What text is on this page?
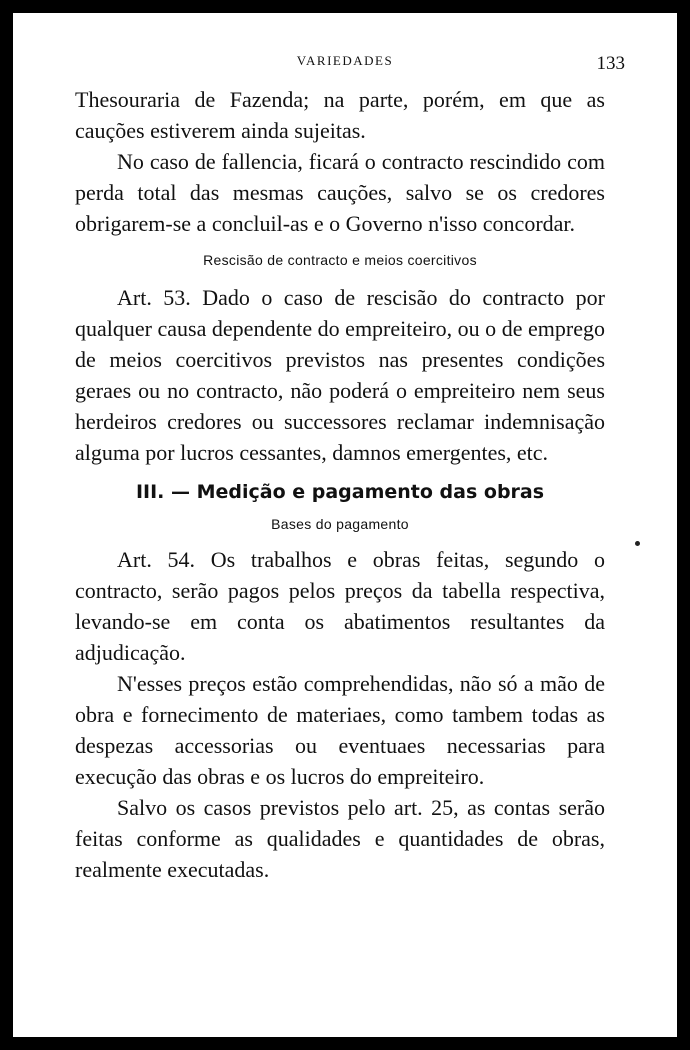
VARIEDADES	133

Thesouraria de Fazenda; na parte, porém, em que as cauções estiverem ainda sujeitas.

No caso de fallencia, ficará o contracto rescindido com perda total das mesmas cauções, salvo se os credores obrigarem-se a concluil-as e o Governo n'isso concordar.

Rescisão de contracto e meios coercitivos

Art. 53. Dado o caso de rescisão do contracto por qualquer causa dependente do empreiteiro, ou o de emprego de meios coercitivos previstos nas presentes condições geraes ou no contracto, não poderá o empreiteiro nem seus herdeiros credores ou successores reclamar indemnisação alguma por lucros cessantes, damnos emergentes, etc.

III. — Medição e pagamento das obras
Bases do pagamento

Art. 54. Os trabalhos e obras feitas, segundo o contracto, serão pagos pelos preços da tabella respectiva, levando-se em conta os abatimentos resultantes da adjudicação.

N'esses preços estão comprehendidas, não só a mão de obra e fornecimento de materiaes, como tambem todas as despezas accessorias ou eventuaes necessarias para execução das obras e os lucros do empreiteiro.

Salvo os casos previstos pelo art. 25, as contas serão feitas conforme as qualidades e quantidades de obras, realmente executadas.
